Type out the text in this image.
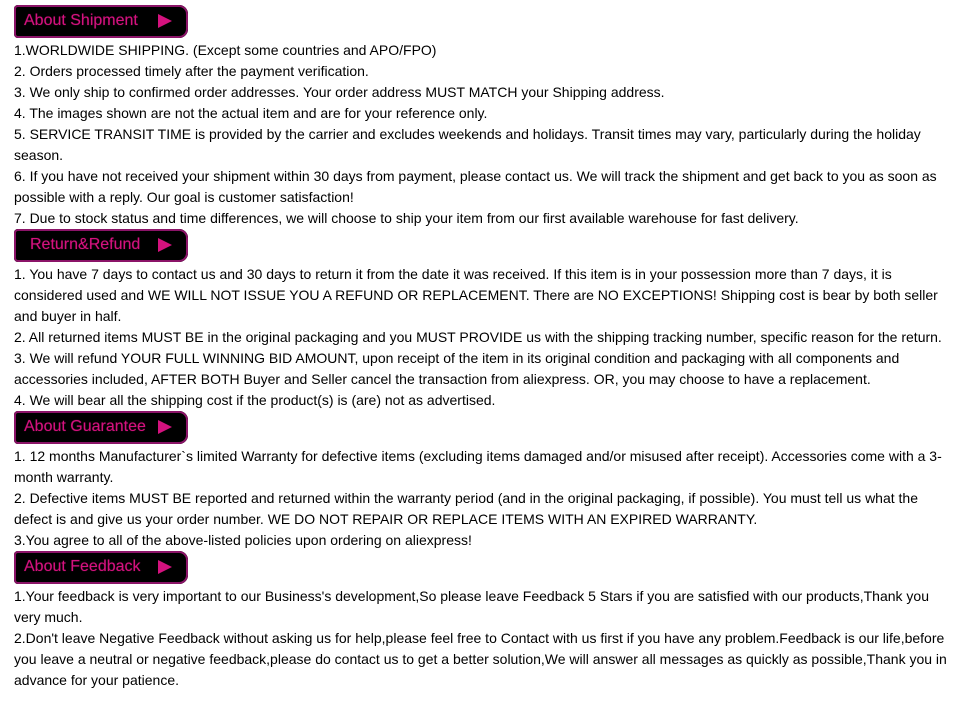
About Shipment

1.WORLDWIDE SHIPPING. (Except some countries and APO/FPO)

2. Orders processed timely after the payment verification.

3. We only ship to confirmed order addresses. Your order address MUST MATCH your Shipping address.

4. The images shown are not the actual item and are for your reference only.

5. SERVICE TRANSIT TIME is provided by the carrier and excludes weekends and holidays. Transit times may vary, particularly during the holiday season.

6. If you have not received your shipment within 30 days from payment, please contact us. We will track the shipment and get back to you as soon as possible with a reply. Our goal is customer satisfaction!

7. Due to stock status and time differences, we will choose to ship your item from our first available warehouse for fast delivery.

Return&Refund

1. You have 7 days to contact us and 30 days to return it from the date it was received. If this item is in your possession more than 7 days, it is considered used and WE WILL NOT ISSUE YOU A REFUND OR REPLACEMENT. There are NO EXCEPTIONS! Shipping cost is bear by both seller and buyer in half.

2. All returned items MUST BE in the original packaging and you MUST PROVIDE us with the shipping tracking number, specific reason for the return.

3. We will refund YOUR FULL WINNING BID AMOUNT, upon receipt of the item in its original condition and packaging with all components and accessories included, AFTER BOTH Buyer and Seller cancel the transaction from aliexpress. OR, you may choose to have a replacement.

4. We will bear all the shipping cost if the product(s) is (are) not as advertised.

About Guarantee

1. 12 months Manufacturer`s limited Warranty for defective items (excluding items damaged and/or misused after receipt). Accessories come with a 3-month warranty.

2. Defective items MUST BE reported and returned within the warranty period (and in the original packaging, if possible). You must tell us what the defect is and give us your order number. WE DO NOT REPAIR OR REPLACE ITEMS WITH AN EXPIRED WARRANTY.

3.You agree to all of the above-listed policies upon ordering on aliexpress!

About Feedback

1.Your feedback is very important to our Business's development,So please leave Feedback 5 Stars if you are satisfied with our products,Thank you very much.

2.Don't leave Negative Feedback without asking us for help,please feel free to Contact with us first if you have any problem.Feedback is our life,before you leave a neutral or negative feedback,please do contact us to get a better solution,We will answer all messages as quickly as possible,Thank you in advance for your patience.
